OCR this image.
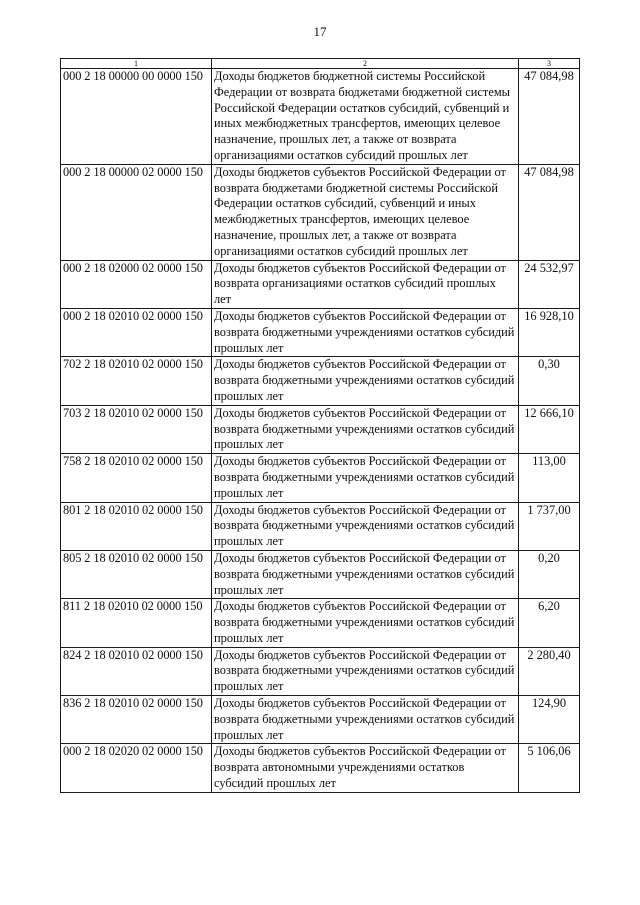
17
1	2	3
000 2 18 00000 00 0000 150	Доходы бюджетов бюджетной системы Российской Федерации от возврата бюджетами бюджетной системы Российской Федерации остатков субсидий, субвенций и иных межбюджетных трансфертов, имеющих целевое назначение, прошлых лет, а также от возврата организациями остатков субсидий прошлых лет	47 084,98
000 2 18 00000 02 0000 150	Доходы бюджетов субъектов Российской Федерации от возврата бюджетами бюджетной системы Российской Федерации остатков субсидий, субвенций и иных межбюджетных трансфертов, имеющих целевое назначение, прошлых лет, а также от возврата организациями остатков субсидий прошлых лет	47 084,98
000 2 18 02000 02 0000 150	Доходы бюджетов субъектов Российской Федерации от возврата организациями остатков субсидий прошлых лет	24 532,97
000 2 18 02010 02 0000 150	Доходы бюджетов субъектов Российской Федерации от возврата бюджетными учреждениями остатков субсидий прошлых лет	16 928,10
702 2 18 02010 02 0000 150	Доходы бюджетов субъектов Российской Федерации от возврата бюджетными учреждениями остатков субсидий прошлых лет	0,30
703 2 18 02010 02 0000 150	Доходы бюджетов субъектов Российской Федерации от возврата бюджетными учреждениями остатков субсидий прошлых лет	12 666,10
758 2 18 02010 02 0000 150	Доходы бюджетов субъектов Российской Федерации от возврата бюджетными учреждениями остатков субсидий прошлых лет	113,00
801 2 18 02010 02 0000 150	Доходы бюджетов субъектов Российской Федерации от возврата бюджетными учреждениями остатков субсидий прошлых лет	1 737,00
805 2 18 02010 02 0000 150	Доходы бюджетов субъектов Российской Федерации от возврата бюджетными учреждениями остатков субсидий прошлых лет	0,20
811 2 18 02010 02 0000 150	Доходы бюджетов субъектов Российской Федерации от возврата бюджетными учреждениями остатков субсидий прошлых лет	6,20
824 2 18 02010 02 0000 150	Доходы бюджетов субъектов Российской Федерации от возврата бюджетными учреждениями остатков субсидий прошлых лет	2 280,40
836 2 18 02010 02 0000 150	Доходы бюджетов субъектов Российской Федерации от возврата бюджетными учреждениями остатков субсидий прошлых лет	124,90
000 2 18 02020 02 0000 150	Доходы бюджетов субъектов Российской Федерации от возврата автономными учреждениями остатков субсидий прошлых лет	5 106,06
